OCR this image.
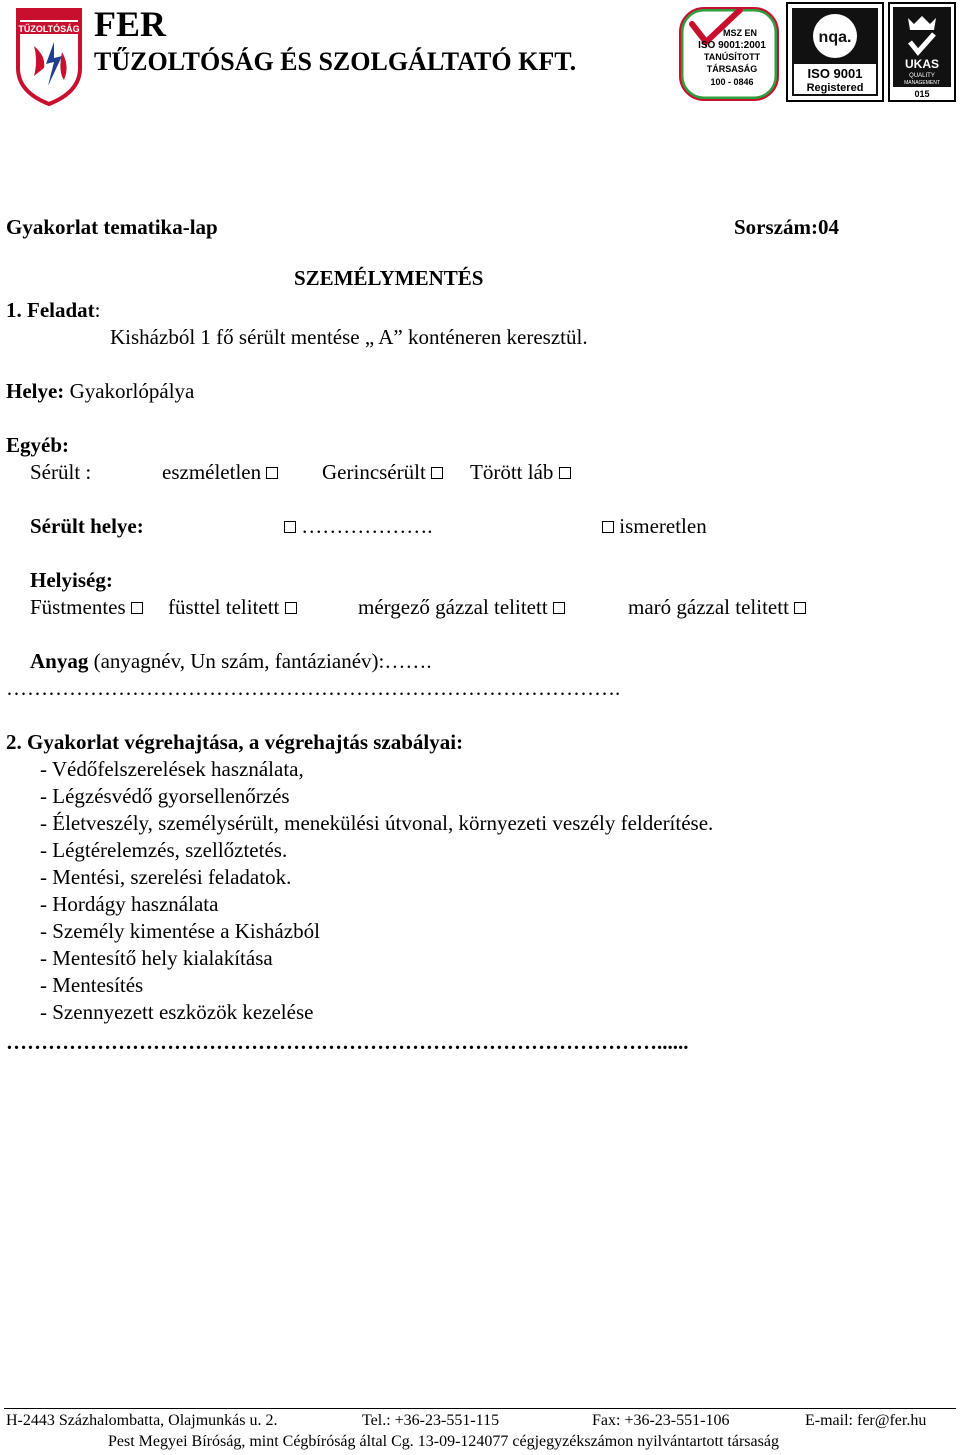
TŰZOLTÓSÁG FER
TŰZOLTÓSÁG ÉS SZOLGÁLTATÓ KFT.
MSZ EN
ISO 9001:2001
TANÚSÍTOTT
TÁRSASÁG
100 - 0846
nqa.
ISO 9001
Registered
UKAS
QUALITY
MANAGEMENT
015
Gyakorlat tematika-lap	Sorszám:04
SZEMÉLYMENTÉS
1. Feladat:
Kisházból 1 fő sérült mentése „ A” konténeren keresztül.
Helye: Gyakorlópálya
Egyéb:
Sérült :	eszméletlen	Gerincsérült	Törött láb
Sérült helye:	……………….	ismeretlen
Helyiség:
Füstmentes	füsttel telitett	mérgező gázzal telitett	maró gázzal telitett
Anyag (anyagnév, Un szám, fantázianév):…….
…………………………………………………………………………….
2. Gyakorlat végrehajtása, a végrehajtás szabályai:
- Védőfelszerelések használata,
- Légzésvédő gyorsellenőrzés
- Életveszély, személysérült, menekülési útvonal, környezeti veszély felderítése.
- Légtérelemzés, szellőztetés.
- Mentési, szerelési feladatok.
- Hordágy használata
- Személy kimentése a Kisházból
- Mentesítő hely kialakítása
- Mentesítés
- Szennyezett eszközök kezelése
…………………………………………………………………………………......
H-2443 Százhalombatta, Olajmunkás u. 2.	Tel.: +36-23-551-115	Fax: +36-23-551-106	E-mail: fer@fer.hu
Pest Megyei Bíróság, mint Cégbíróság által Cg. 13-09-124077 cégjegyzékszámon nyilvántartott társaság
